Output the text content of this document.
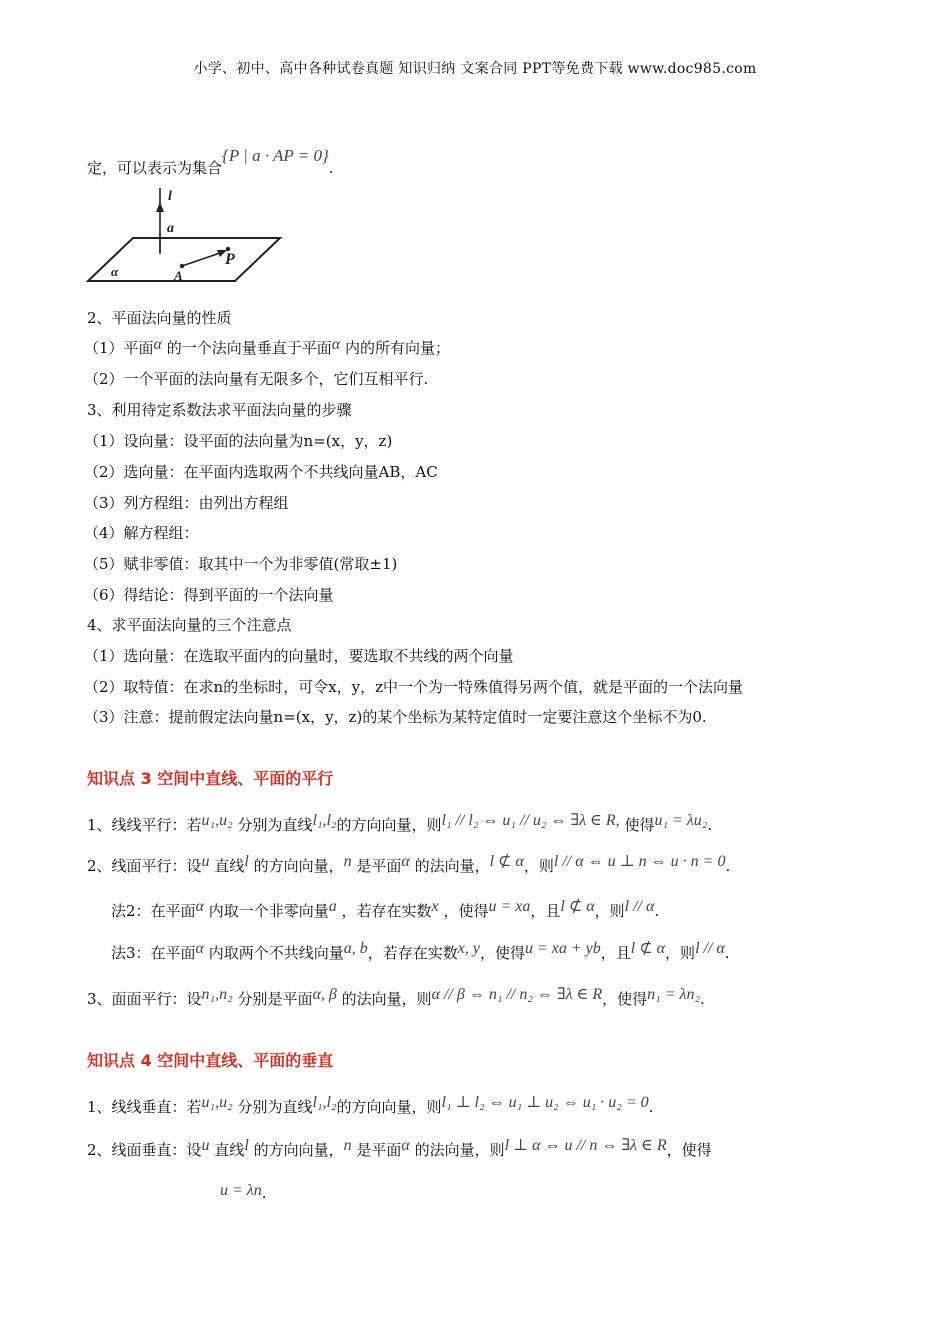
小学、初中、高中各种试卷真题 知识归纳 文案合同 PPT等免费下载 www.doc985.com
定，可以表示为集合{P | a · AP = 0}.
l
a
P
A
α
2、平面法向量的性质
（1）平面α 的一个法向量垂直于平面α 内的所有向量；
（2）一个平面的法向量有无限多个，它们互相平行.
3、利用待定系数法求平面法向量的步骤
（1）设向量：设平面的法向量为n=(x，y，z)
（2）选向量：在平面内选取两个不共线向量AB，AC
（3）列方程组：由列出方程组
（4）解方程组：
（5）赋非零值：取其中一个为非零值(常取±1)
（6）得结论：得到平面的一个法向量
4、求平面法向量的三个注意点
（1）选向量：在选取平面内的向量时，要选取不共线的两个向量
（2）取特值：在求n的坐标时，可令x，y，z中一个为一特殊值得另两个值，就是平面的一个法向量
（3）注意：提前假定法向量n=(x，y，z)的某个坐标为某特定值时一定要注意这个坐标不为0.
知识点 3 空间中直线、平面的平行
1、线线平行：若u₁,u₂ 分别为直线l₁,l₂的方向向量，则l₁ // l₂ ⇔ u₁ // u₂ ⇔ ∃λ ∈ R, 使得u₁ = λu₂.
2、线面平行：设u 直线l 的方向向量，n 是平面α 的法向量，l ⊄ α，则l // α ⇔ u ⊥ n ⇔ u · n = 0.
法2：在平面α 内取一个非零向量a ，若存在实数x ，使得u = xa，且l ⊄ α，则l // α.
法3：在平面α 内取两个不共线向量a, b，若存在实数x, y，使得u = xa + yb，且l ⊄ α，则l // α.
3、面面平行：设n₁,n₂ 分别是平面α, β 的法向量，则α // β ⇔ n₁ // n₂ ⇔ ∃λ ∈ R，使得n₁ = λn₂.
知识点 4 空间中直线、平面的垂直
1、线线垂直：若u₁,u₂ 分别为直线l₁,l₂的方向向量，则l₁ ⊥ l₂ ⇔ u₁ ⊥ u₂ ⇔ u₁ · u₂ = 0.
2、线面垂直：设u 直线l 的方向向量，n 是平面α 的法向量，则l ⊥ α ⇔ u // n ⇔ ∃λ ∈ R，使得
u = λn.
